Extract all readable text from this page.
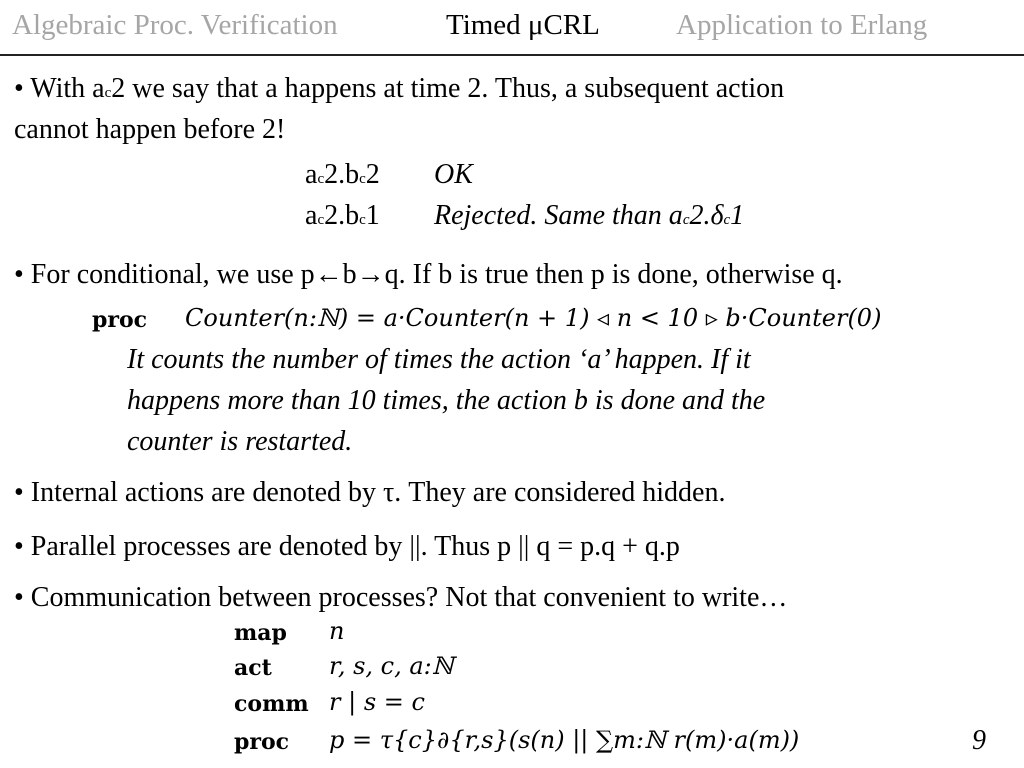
Algebraic Proc. Verification	Timed μCRL	Application to Erlang
• With ac2 we say that a happens at time 2. Thus, a subsequent action
cannot happen before 2!
ac2.bc2 OK
ac2.bc1 Rejected. Same than ac2.δc1
• For conditional, we use p←b→q. If b is true then p is done, otherwise q.
proc Counter(n:ℕ) = a·Counter(n + 1) ◃ n < 10 ▹ b·Counter(0)
It counts the number of times the action ‘a’ happen. If it
happens more than 10 times, the action b is done and the
counter is restarted.
• Internal actions are denoted by τ. They are considered hidden.
• Parallel processes are denoted by ||. Thus p || q = p.q + q.p
• Communication between processes? Not that convenient to write…
map n
act r, s, c, a:ℕ
comm r | s = c
proc p = τ{c}∂{r,s}(s(n) || ∑m:ℕ r(m)·a(m))	9
